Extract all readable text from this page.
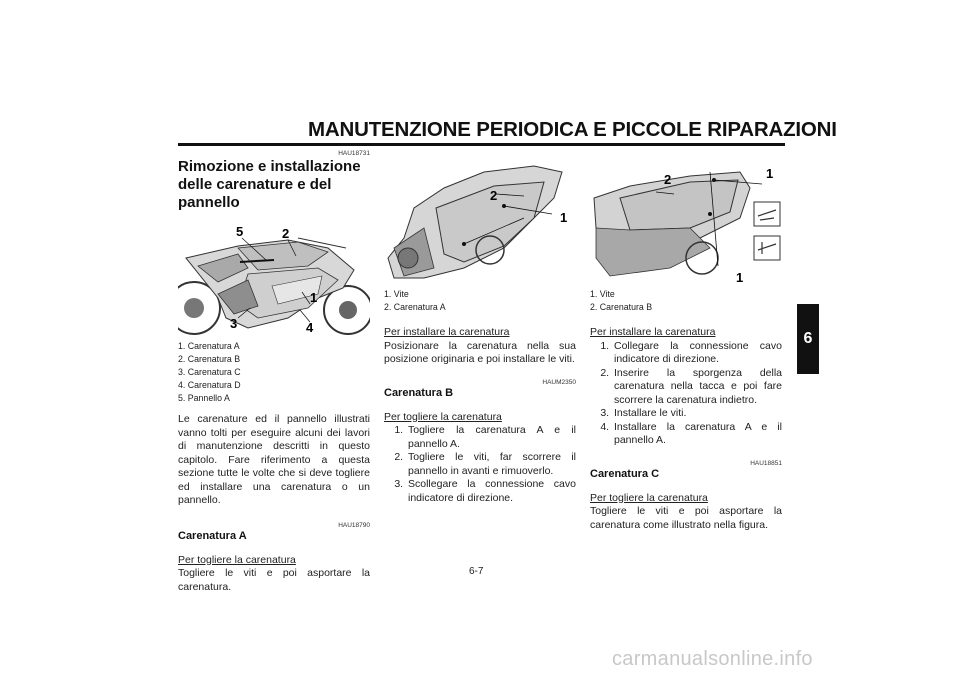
MANUTENZIONE PERIODICA E PICCOLE RIPARAZIONI
6
HAU18731
Rimozione e installazione delle carenature e del pannello
5	2
1
3	4
1. Carenatura A
2. Carenatura B
3. Carenatura C
4. Carenatura D
5. Pannello A
Le carenature ed il pannello illustrati vanno tolti per eseguire alcuni dei lavori di manutenzione descritti in questo capitolo. Fare riferimento a questa sezione tutte le volte che si deve togliere ed installare una carenatura o un pannello.
HAU18790
Carenatura A
Per togliere la carenatura
Togliere le viti e poi asportare la carenatura.
2
1
1. Vite
2. Carenatura A
Per installare la carenatura
Posizionare la carenatura nella sua posizione originaria e poi installare le viti.
HAUM2350
Carenatura B
Per togliere la carenatura
1. Togliere la carenatura A e il pannello A.
2. Togliere le viti, far scorrere il pannello in avanti e rimuoverlo.
3. Scollegare la connessione cavo indicatore di direzione.
2	1
1
1. Vite
2. Carenatura B
Per installare la carenatura
1. Collegare la connessione cavo indicatore di direzione.
2. Inserire la sporgenza della carenatura nella tacca e poi fare scorrere la carenatura indietro.
3. Installare le viti.
4. Installare la carenatura A e il pannello A.
HAU18851
Carenatura C
Per togliere la carenatura
Togliere le viti e poi asportare la carenatura come illustrato nella figura.
6-7
carmanualsonline.info
